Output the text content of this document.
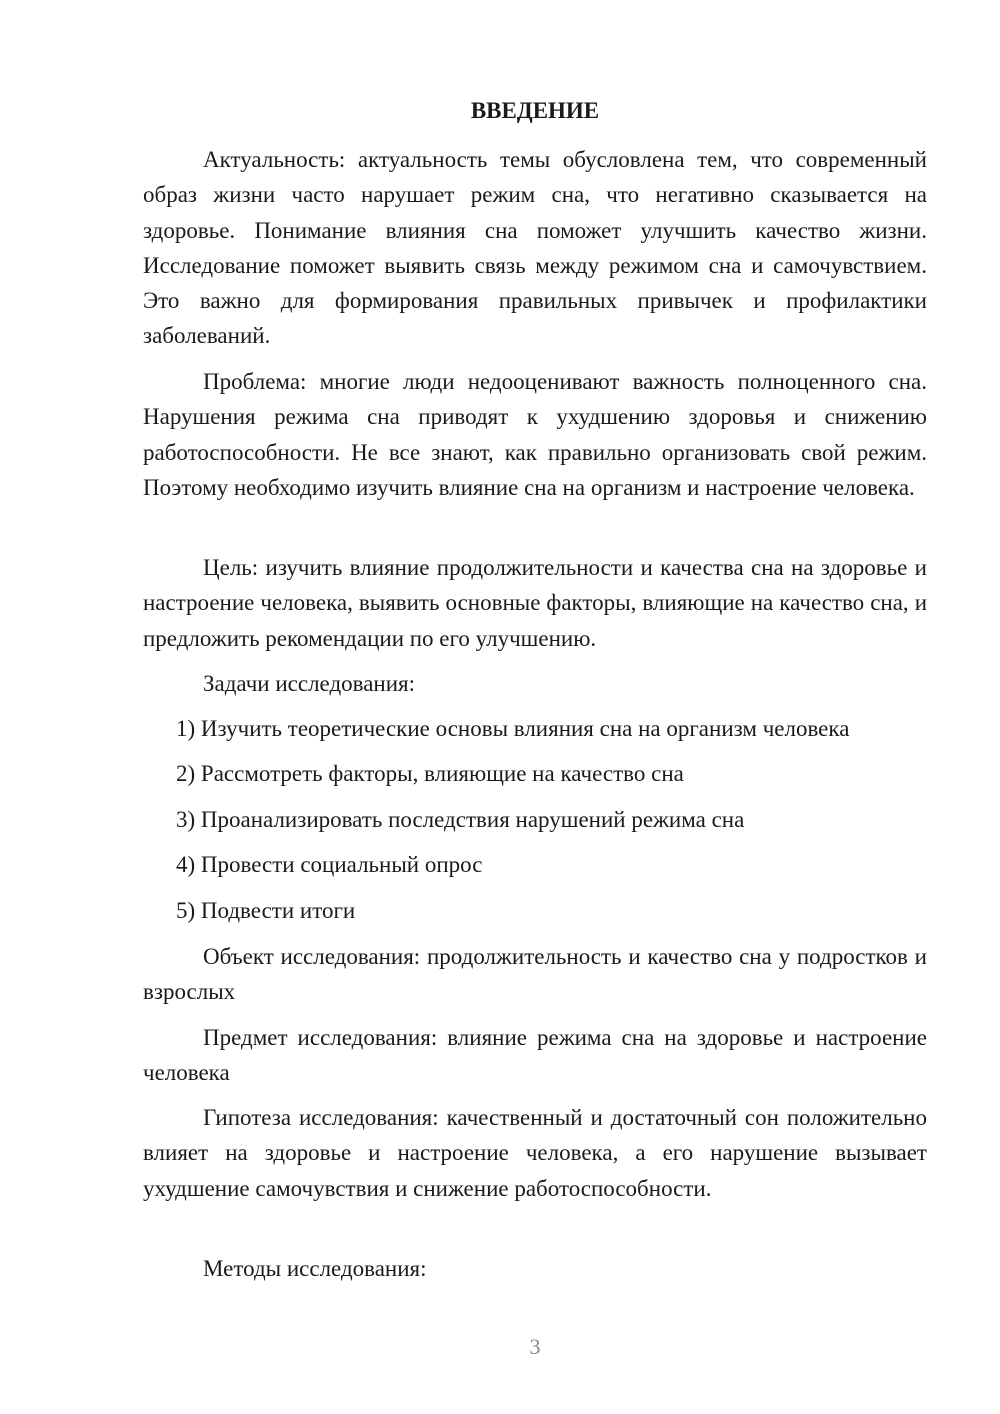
ВВЕДЕНИЕ

Актуальность: актуальность темы обусловлена тем, что современный образ жизни часто нарушает режим сна, что негативно сказывается на здоровье. Понимание влияния сна поможет улучшить качество жизни. Исследование поможет выявить связь между режимом сна и самочувствием. Это важно для формирования правильных привычек и профилактики заболеваний.

Проблема: многие люди недооценивают важность полноценного сна. Нарушения режима сна приводят к ухудшению здоровья и снижению работоспособности. Не все знают, как правильно организовать свой режим. Поэтому необходимо изучить влияние сна на организм и настроение человека.

Цель: изучить влияние продолжительности и качества сна на здоровье и настроение человека, выявить основные факторы, влияющие на качество сна, и предложить рекомендации по его улучшению.

Задачи исследования:

1) Изучить теоретические основы влияния сна на организм человека
2) Рассмотреть факторы, влияющие на качество сна
3) Проанализировать последствия нарушений режима сна
4) Провести социальный опрос
5) Подвести итоги

Объект исследования: продолжительность и качество сна у подростков и взрослых

Предмет исследования: влияние режима сна на здоровье и настроение человека

Гипотеза исследования: качественный и достаточный сон положительно влияет на здоровье и настроение человека, а его нарушение вызывает ухудшение самочувствия и снижение работоспособности.

Методы исследования:

3
